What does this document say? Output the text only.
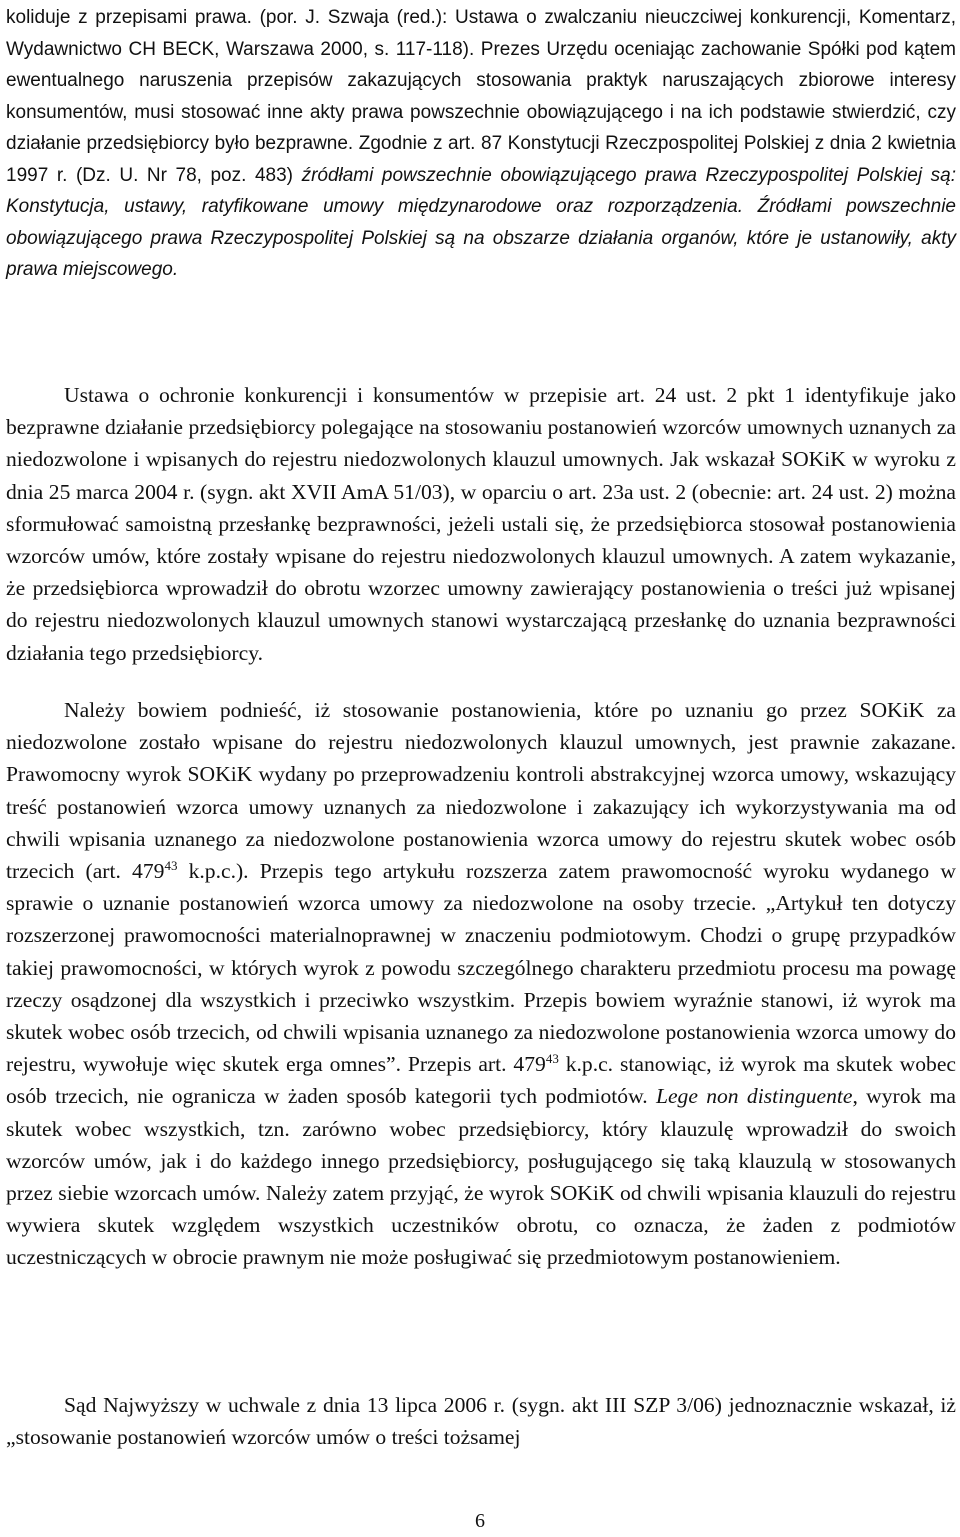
koliduje z przepisami prawa. (por. J. Szwaja (red.): Ustawa o zwalczaniu nieuczciwej konkurencji, Komentarz, Wydawnictwo CH BECK, Warszawa 2000, s. 117-118). Prezes Urzędu oceniając zachowanie Spółki pod kątem ewentualnego naruszenia przepisów zakazujących stosowania praktyk naruszających zbiorowe interesy konsumentów, musi stosować inne akty prawa powszechnie obowiązującego i na ich podstawie stwierdzić, czy działanie przedsiębiorcy było bezprawne. Zgodnie z art. 87 Konstytucji Rzeczpospolitej Polskiej z dnia 2 kwietnia 1997 r. (Dz. U. Nr 78, poz. 483) źródłami powszechnie obowiązującego prawa Rzeczypospolitej Polskiej są: Konstytucja, ustawy, ratyfikowane umowy międzynarodowe oraz rozporządzenia. Źródłami powszechnie obowiązującego prawa Rzeczypospolitej Polskiej są na obszarze działania organów, które je ustanowiły, akty prawa miejscowego.

Ustawa o ochronie konkurencji i konsumentów w przepisie art. 24 ust. 2 pkt 1 identyfikuje jako bezprawne działanie przedsiębiorcy polegające na stosowaniu postanowień wzorców umownych uznanych za niedozwolone i wpisanych do rejestru niedozwolonych klauzul umownych. Jak wskazał SOKiK w wyroku z dnia 25 marca 2004 r. (sygn. akt XVII AmA 51/03), w oparciu o art. 23a ust. 2 (obecnie: art. 24 ust. 2) można sformułować samoistną przesłankę bezprawności, jeżeli ustali się, że przedsiębiorca stosował postanowienia wzorców umów, które zostały wpisane do rejestru niedozwolonych klauzul umownych. A zatem wykazanie, że przedsiębiorca wprowadził do obrotu wzorzec umowny zawierający postanowienia o treści już wpisanej do rejestru niedozwolonych klauzul umownych stanowi wystarczającą przesłankę do uznania bezprawności działania tego przedsiębiorcy.

Należy bowiem podnieść, iż stosowanie postanowienia, które po uznaniu go przez SOKiK za niedozwolone zostało wpisane do rejestru niedozwolonych klauzul umownych, jest prawnie zakazane. Prawomocny wyrok SOKiK wydany po przeprowadzeniu kontroli abstrakcyjnej wzorca umowy, wskazujący treść postanowień wzorca umowy uznanych za niedozwolone i zakazujący ich wykorzystywania ma od chwili wpisania uznanego za niedozwolone postanowienia wzorca umowy do rejestru skutek wobec osób trzecich (art. $479^{43}$ k.p.c.). Przepis tego artykułu rozszerza zatem prawomocność wyroku wydanego w sprawie o uznanie postanowień wzorca umowy za niedozwolone na osoby trzecie. „Artykuł ten dotyczy rozszerzonej prawomocności materialnoprawnej w znaczeniu podmiotowym. Chodzi o grupę przypadków takiej prawomocności, w których wyrok z powodu szczególnego charakteru przedmiotu procesu ma powagę rzeczy osądzonej dla wszystkich i przeciwko wszystkim. Przepis bowiem wyraźnie stanowi, iż wyrok ma skutek wobec osób trzecich, od chwili wpisania uznanego za niedozwolone postanowienia wzorca umowy do rejestru, wywołuje więc skutek erga omnes”. Przepis art. $479^{43}$ k.p.c. stanowiąc, iż wyrok ma skutek wobec osób trzecich, nie ogranicza w żaden sposób kategorii tych podmiotów. Lege non distinguente, wyrok ma skutek wobec wszystkich, tzn. zarówno wobec przedsiębiorcy, który klauzulę wprowadził do swoich wzorców umów, jak i do każdego innego przedsiębiorcy, posługującego się taką klauzulą w stosowanych przez siebie wzorcach umów. Należy zatem przyjąć, że wyrok SOKiK od chwili wpisania klauzuli do rejestru wywiera skutek względem wszystkich uczestników obrotu, co oznacza, że żaden z podmiotów uczestniczących w obrocie prawnym nie może posługiwać się przedmiotowym postanowieniem.

Sąd Najwyższy w uchwale z dnia 13 lipca 2006 r. (sygn. akt III SZP 3/06) jednoznacznie wskazał, iż „stosowanie postanowień wzorców umów o treści tożsamej

6
